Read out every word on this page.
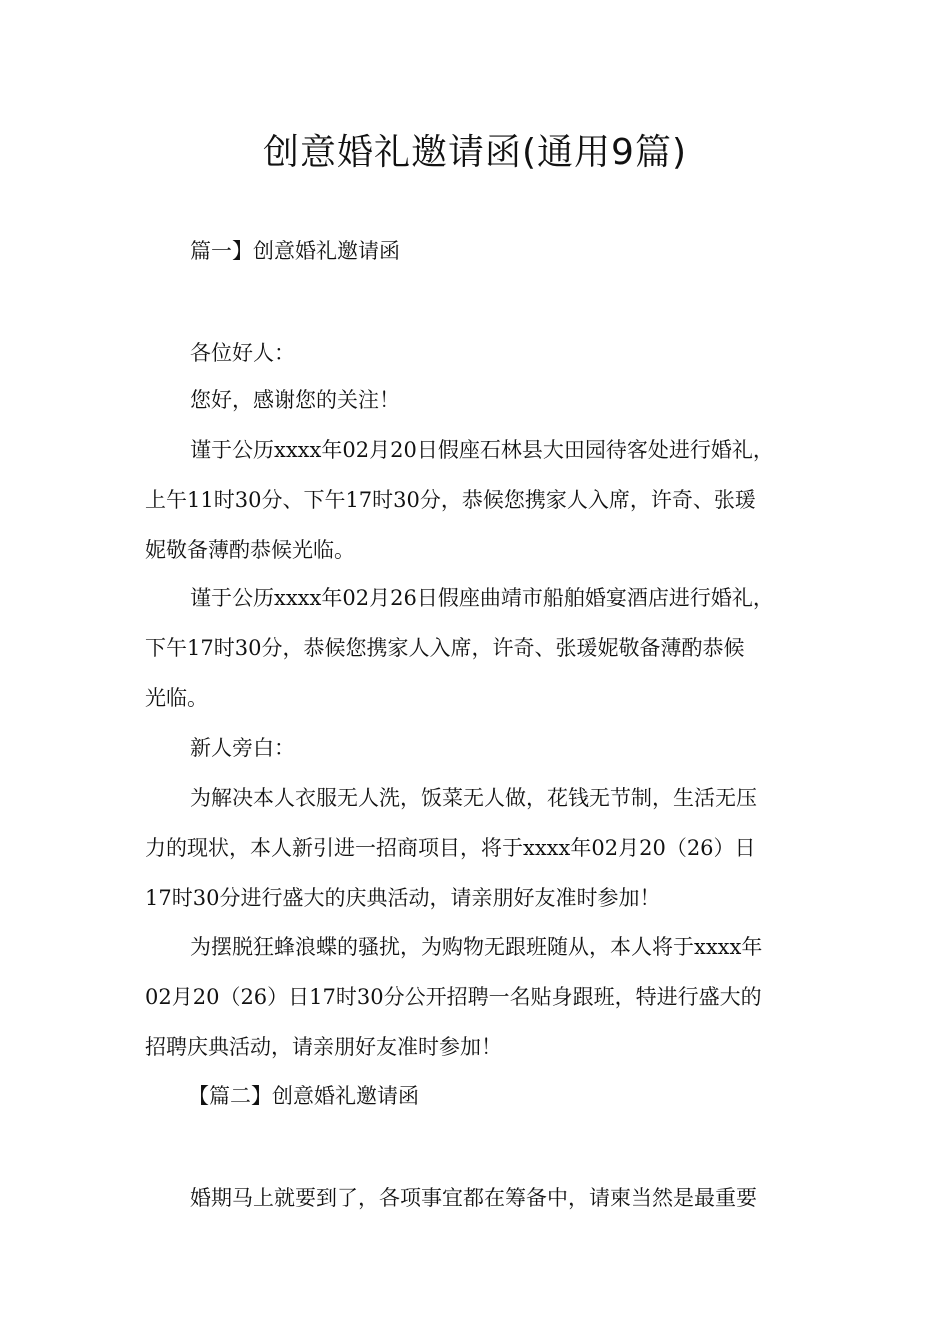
创意婚礼邀请函(通用9篇)
篇一】创意婚礼邀请函
各位好人：
您好，感谢您的关注！
谨于公历xxxx年02月20日假座石林县大田园待客处进行婚礼，
上午11时30分、下午17时30分，恭候您携家人入席，许奇、张瑗
妮敬备薄酌恭候光临。
谨于公历xxxx年02月26日假座曲靖市船舶婚宴酒店进行婚礼，
下午17时30分，恭候您携家人入席，许奇、张瑗妮敬备薄酌恭候
光临。
新人旁白：
为解决本人衣服无人洗，饭菜无人做，花钱无节制，生活无压
力的现状，本人新引进一招商项目，将于xxxx年02月20（26）日
17时30分进行盛大的庆典活动，请亲朋好友准时参加！
为摆脱狂蜂浪蝶的骚扰，为购物无跟班随从，本人将于xxxx年
02月20（26）日17时30分公开招聘一名贴身跟班，特进行盛大的
招聘庆典活动，请亲朋好友准时参加！
【篇二】创意婚礼邀请函
婚期马上就要到了，各项事宜都在筹备中，请柬当然是最重要
